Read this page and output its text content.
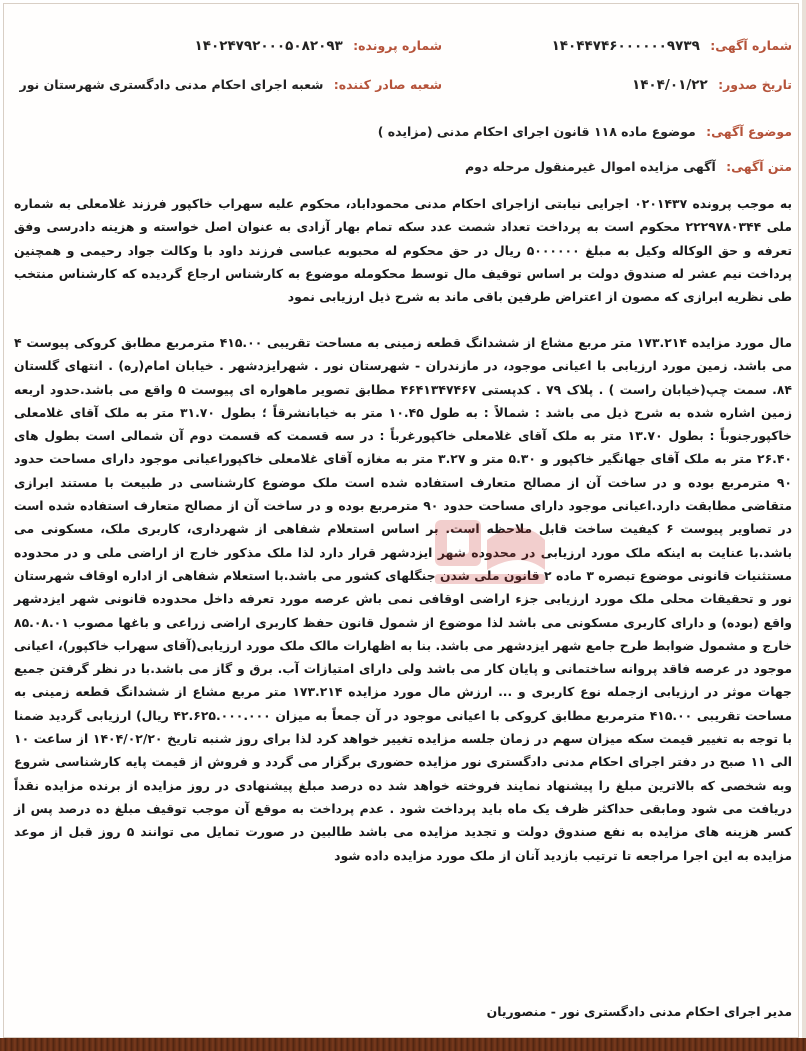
شماره آگهی: ۱۴۰۴۴۷۴۶۰۰۰۰۰۰۹۷۳۹
شماره پرونده: ۱۴۰۲۴۷۹۲۰۰۰۵۰۸۲۰۹۳
تاریخ صدور: ۱۴۰۴/۰۱/۲۲
شعبه صادر کننده: شعبه اجرای احکام مدنی دادگستری شهرستان نور
موضوع آگهی: موضوع ماده ۱۱۸ قانون اجرای احکام مدنی (مزایده )
متن آگهی: آگهی مزایده اموال غیرمنقول مرحله دوم
به موجب پرونده ۰۲۰۱۴۳۷ اجرایی نیابتی ازاجرای احکام مدنی محموداباد، محکوم علیه سهراب خاکپور فرزند غلامعلی به شماره ملی ۲۲۲۹۷۸۰۳۴۴ محکوم است به پرداخت تعداد شصت عدد سکه تمام بهار آزادی به عنوان اصل خواسته و هزینه دادرسی وفق تعرفه و حق الوکاله وکیل به مبلغ ۵۰۰۰۰۰۰ ریال در حق محکوم له محبوبه عباسی فرزند داود با وکالت جواد رحیمی و همچنین پرداخت نیم عشر له صندوق دولت بر اساس توقیف مال توسط محکومله موضوع به کارشناس ارجاع گردیده که کارشناس منتخب طی نظریه ابرازی که مصون از اعتراض طرفین باقی ماند به شرح ذیل ارزیابی نمود
مال مورد مزایده ۱۷۳.۲۱۴ متر مربع مشاع از ششدانگ قطعه زمینی به مساحت تقریبی ۴۱۵.۰۰ مترمربع مطابق کروکی پیوست ۴ می باشد. زمین مورد ارزیابی با اعیانی موجود، در مازندران - شهرستان نور . شهرایزدشهر . خیابان امام(ره) . انتهای گلستان ۸۴. سمت چپ(خیابان راست ) . پلاک ۷۹ . کدپستی ۴۶۴۱۳۴۷۴۶۷ مطابق تصویر ماهواره ای پیوست ۵ واقع می باشد.حدود اربعه زمین اشاره شده به شرح ذیل می باشد : شمالاً : به طول ۱۰.۴۵ متر به خیابانشرقاً ؛ بطول ۳۱.۷۰ متر به ملک آقای غلامعلی خاکپورجنوباً : بطول ۱۳.۷۰ متر به ملک آقای غلامعلی خاکپورغرباً : در سه قسمت که قسمت دوم آن شمالی است بطول های ۲۶.۴۰ متر به ملک آقای جهانگیر خاکپور و ۵.۳۰ متر و ۳.۲۷ متر به مغازه آقای غلامعلی خاکپوراعیانی موجود دارای مساحت حدود ۹۰ مترمربع بوده و در ساخت آن از مصالح متعارف استفاده شده است ملک موضوع کارشناسی در طبیعت با مستند ابرازی متقاضی مطابقت دارد.اعیانی موجود دارای مساحت حدود ۹۰ مترمربع بوده و در ساخت آن از مصالح متعارف استفاده شده است در تصاویر پیوست ۶ کیفیت ساخت قابل ملاحظه است. بر اساس استعلام شفاهی از شهرداری، کاربری ملک، مسکونی می باشد.با عنایت به اینکه ملک مورد ارزیابی در محدوده شهر ایزدشهر قرار دارد لذا ملک مذکور خارج از اراضی ملی و در محدوده مستثنیات قانونی موضوع تبصره ۳ ماده ۲ قانون ملی شدن جنگلهای کشور می باشد.با استعلام شفاهی از اداره اوقاف شهرستان نور و تحقیقات محلی ملک مورد ارزیابی جزء اراضی اوقافی نمی باش عرصه مورد تعرفه داخل محدوده قانونی شهر ایزدشهر واقع (بوده) و دارای کاربری مسکونی می باشد لذا موضوع از شمول قانون حفظ کاربری اراضی زراعی و باغها مصوب ۸۵.۰۸.۰۱ خارج و مشمول ضوابط طرح جامع شهر ایزدشهر می باشد. بنا به اظهارات مالک ملک مورد ارزیابی(آقای سهراب خاکپور)، اعیانی موجود در عرصه فاقد پروانه ساختمانی و پایان کار می باشد ولی دارای امتیازات آب. برق و گاز می باشد.با در نظر گرفتن جمیع جهات موثر در ارزیابی ازجمله نوع کاربری و ... ارزش مال مورد مزایده ۱۷۳.۲۱۴ متر مربع مشاع از ششدانگ قطعه زمینی به مساحت تقریبی ۴۱۵.۰۰ مترمربع مطابق کروکی با اعیانی موجود در آن جمعاً به میزان ۴۲.۶۲۵.۰۰۰.۰۰۰ ریال) ارزیابی گردید ضمنا با توجه به تغییر قیمت سکه میزان سهم در زمان جلسه مزایده تغییر خواهد کرد لذا برای روز شنبه تاریخ ۱۴۰۴/۰۲/۲۰ از ساعت ۱۰ الی ۱۱ صبح در دفتر اجرای احکام مدنی دادگستری نور مزایده حضوری برگزار می گردد و فروش از قیمت پایه کارشناسی شروع وبه شخصی که بالاترین مبلغ را پیشنهاد نمایند فروخته خواهد شد ده درصد مبلغ پیشنهادی در روز مزایده از برنده مزایده نقداً دریافت می شود ومابقی حداکثر ظرف یک ماه باید پرداخت شود . عدم پرداخت به موقع آن موجب توقیف مبلغ ده درصد پس از کسر هزینه های مزایده به نفع صندوق دولت و تجدید مزایده می باشد طالبین در صورت تمایل می توانند ۵ روز قبل از موعد مزایده به این اجرا مراجعه تا ترتیب بازدید آنان از ملک مورد مزایده داده شود
مدیر اجرای احکام مدنی دادگستری نور - منصوریان
